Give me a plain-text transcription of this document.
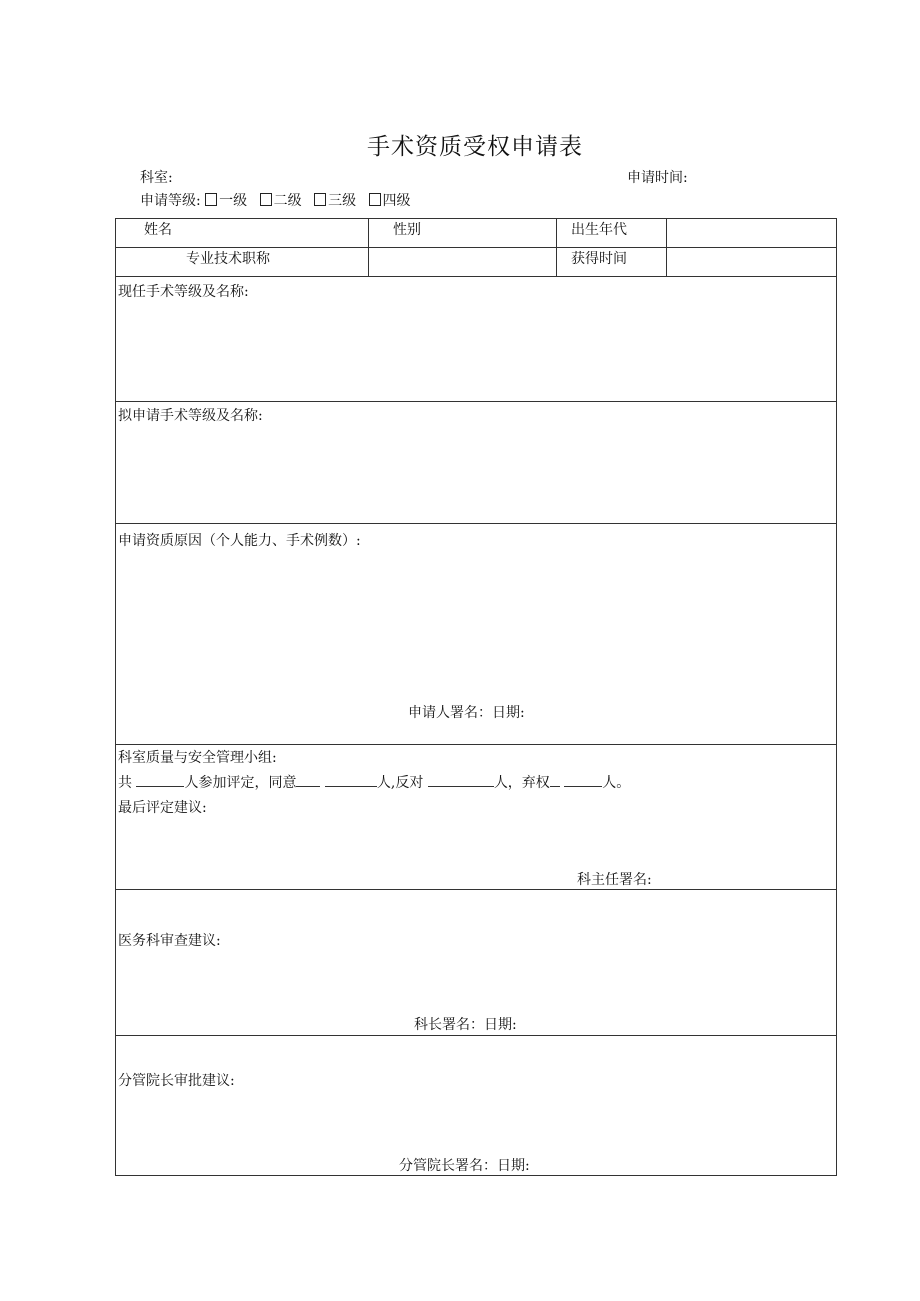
手术资质受权申请表
科室:	申请时间:
申请等级: 一级 二级 三级 四级
姓名	性别	出生年代	
专业技术职称		获得时间	

现任手术等级及名称:			

拟申请手术等级及名称:			

申请资质原因（个人能力、手术例数）:
申请人署名：日期:			

科室质量与安全管理小组:
共 人参加评定，同意 人,反对 人，弃权 人。
最后评定建议:
科主任署名:			

医务科审查建议:
科长署名：日期:			

分管院长审批建议:
分管院长署名：日期:			
